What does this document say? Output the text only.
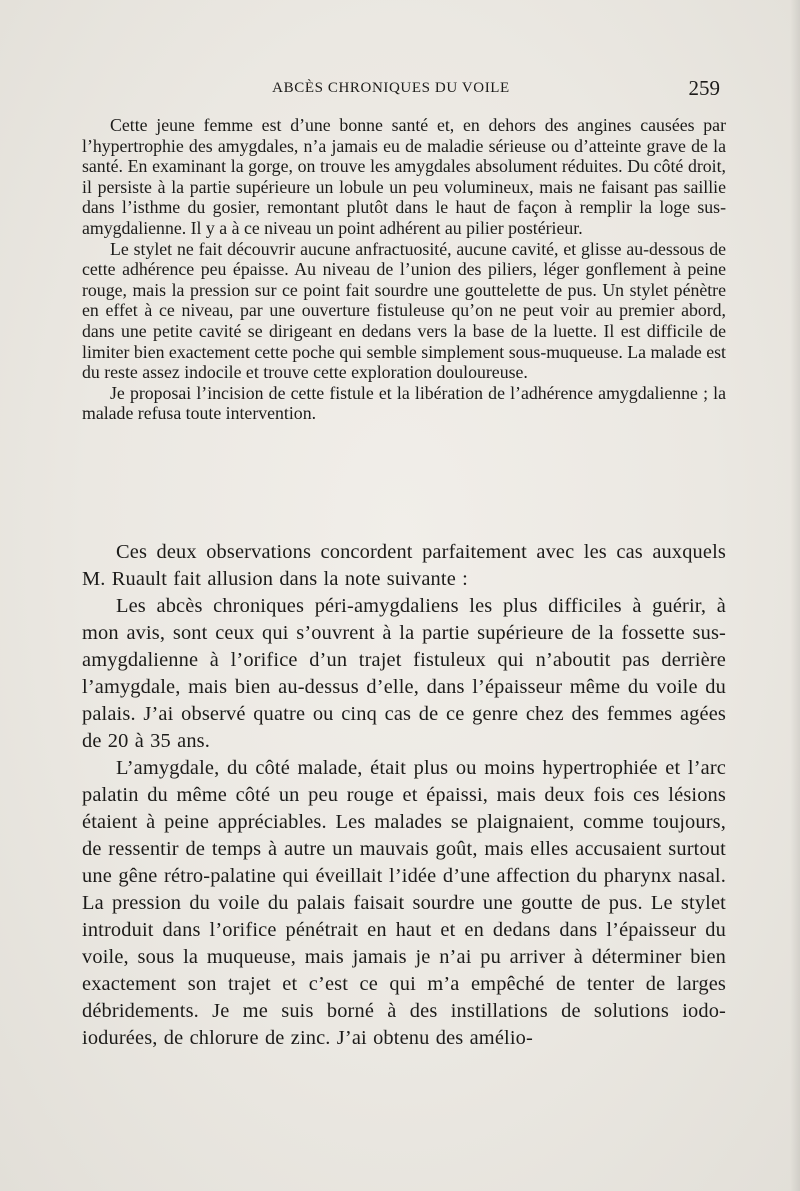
ABCÈS CHRONIQUES DU VOILE	259

Cette jeune femme est d’une bonne santé et, en dehors des angines causées par l’hypertrophie des amygdales, n’a jamais eu de maladie sérieuse ou d’atteinte grave de la santé. En examinant la gorge, on trouve les amygdales absolument réduites. Du côté droit, il persiste à la partie supérieure un lobule un peu volumineux, mais ne faisant pas saillie dans l’isthme du gosier, remontant plutôt dans le haut de façon à remplir la loge sus-amygdalienne. Il y a à ce niveau un point adhérent au pilier postérieur.

Le stylet ne fait découvrir aucune anfractuosité, aucune cavité, et glisse au-dessous de cette adhérence peu épaisse. Au niveau de l’union des piliers, léger gonflement à peine rouge, mais la pression sur ce point fait sourdre une gouttelette de pus. Un stylet pénètre en effet à ce niveau, par une ouverture fistuleuse qu’on ne peut voir au premier abord, dans une petite cavité se dirigeant en dedans vers la base de la luette. Il est difficile de limiter bien exactement cette poche qui semble simplement sous-muqueuse. La malade est du reste assez indocile et trouve cette exploration douloureuse.

Je proposai l’incision de cette fistule et la libération de l’adhérence amygdalienne ; la malade refusa toute intervention.

Ces deux observations concordent parfaitement avec les cas auxquels M. Ruault fait allusion dans la note suivante :

Les abcès chroniques péri-amygdaliens les plus difficiles à guérir, à mon avis, sont ceux qui s’ouvrent à la partie supérieure de la fossette sus-amygdalienne à l’orifice d’un trajet fistuleux qui n’aboutit pas derrière l’amygdale, mais bien au-dessus d’elle, dans l’épaisseur même du voile du palais. J’ai observé quatre ou cinq cas de ce genre chez des femmes agées de 20 à 35 ans.

L’amygdale, du côté malade, était plus ou moins hypertrophiée et l’arc palatin du même côté un peu rouge et épaissi, mais deux fois ces lésions étaient à peine appréciables. Les malades se plaignaient, comme toujours, de ressentir de temps à autre un mauvais goût, mais elles accusaient surtout une gêne rétro-palatine qui éveillait l’idée d’une affection du pharynx nasal. La pression du voile du palais faisait sourdre une goutte de pus. Le stylet introduit dans l’orifice pénétrait en haut et en dedans dans l’épaisseur du voile, sous la muqueuse, mais jamais je n’ai pu arriver à déterminer bien exactement son trajet et c’est ce qui m’a empêché de tenter de larges débridements. Je me suis borné à des instillations de solutions iodo- iodurées, de chlorure de zinc. J’ai obtenu des amélio-
